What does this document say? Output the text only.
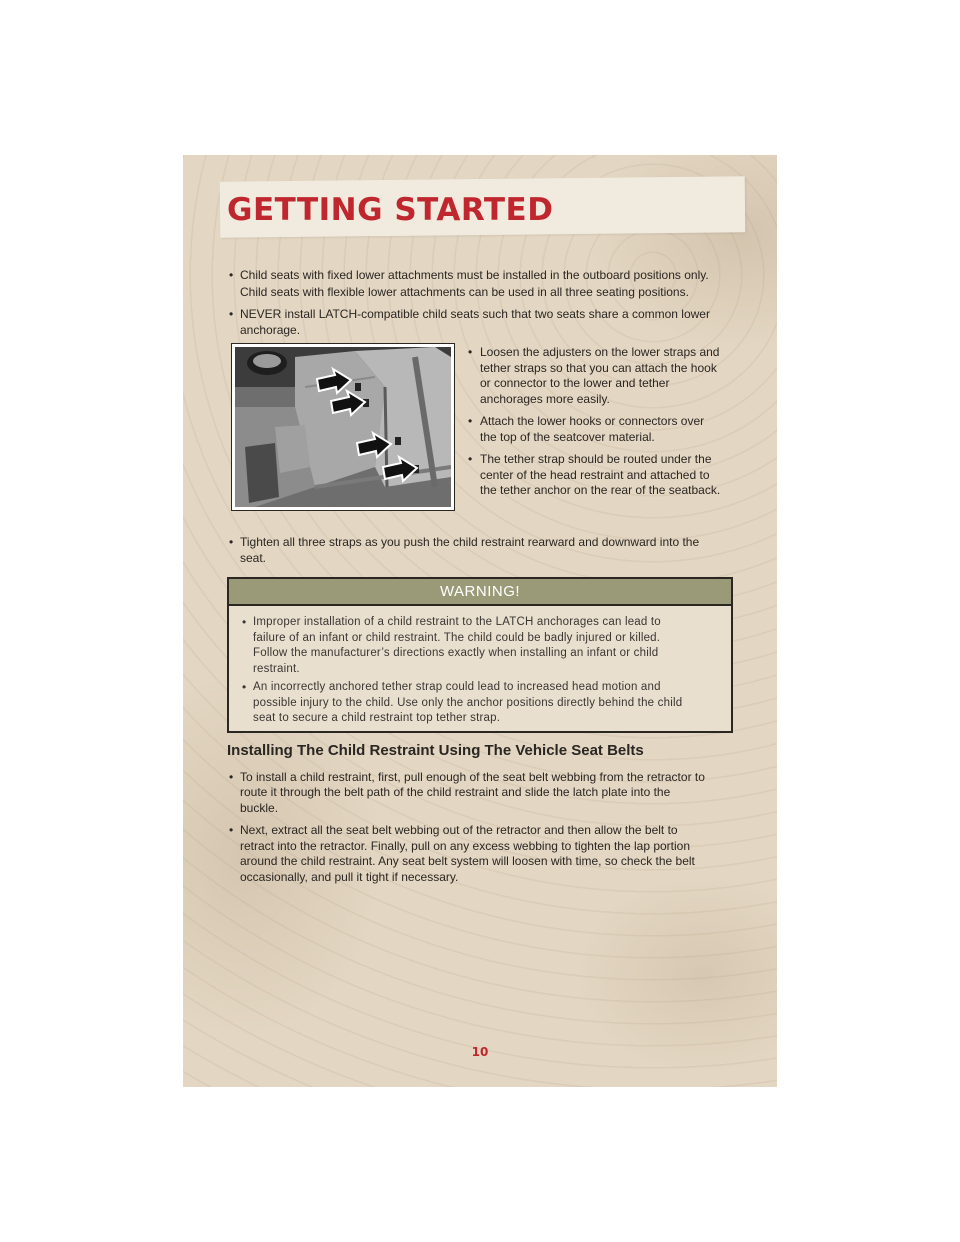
GETTING STARTED
• Child seats with fixed lower attachments must be installed in the outboard positions only.
Child seats with flexible lower attachments can be used in all three seating positions.
• NEVER install LATCH-compatible child seats such that two seats share a common lower
anchorage.
• Loosen the adjusters on the lower straps and
tether straps so that you can attach the hook
or connector to the lower and tether
anchorages more easily.
• Attach the lower hooks or connectors over
the top of the seatcover material.
• The tether strap should be routed under the
center of the head restraint and attached to
the tether anchor on the rear of the seatback.
• Tighten all three straps as you push the child restraint rearward and downward into the
seat.
WARNING!
• Improper installation of a child restraint to the LATCH anchorages can lead to
failure of an infant or child restraint. The child could be badly injured or killed.
Follow the manufacturer’s directions exactly when installing an infant or child
restraint.
• An incorrectly anchored tether strap could lead to increased head motion and
possible injury to the child. Use only the anchor positions directly behind the child
seat to secure a child restraint top tether strap.
Installing The Child Restraint Using The Vehicle Seat Belts
• To install a child restraint, first, pull enough of the seat belt webbing from the retractor to
route it through the belt path of the child restraint and slide the latch plate into the
buckle.
• Next, extract all the seat belt webbing out of the retractor and then allow the belt to
retract into the retractor. Finally, pull on any excess webbing to tighten the lap portion
around the child restraint. Any seat belt system will loosen with time, so check the belt
occasionally, and pull it tight if necessary.
10
